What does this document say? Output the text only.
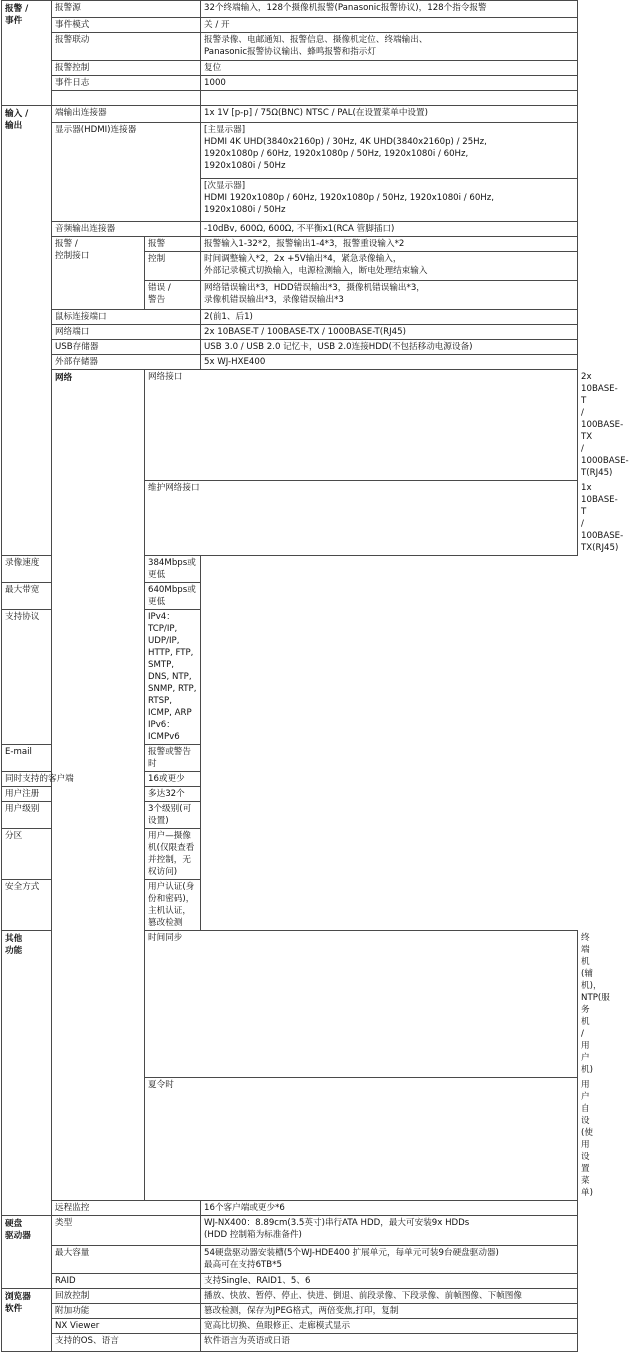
报警 /
事件	报警源		32个终端输入，128个摄像机报警(Panasonic报警协议)，128个指令报警	
	事件模式		关 / 开	
	报警联动		报警录像、电邮通知、报警信息、摄像机定位、终端输出、
Panasonic报警协议输出、蜂鸣报警和指示灯	
	报警控制		复位	
	事件日志		1000	

输入 /
输出	端输出连接器		1x 1V [p-p] / 75Ω(BNC) NTSC / PAL(在设置菜单中设置)	
	显示器(HDMI)连接器		[主显示器]
HDMI 4K UHD(3840x2160p) / 30Hz, 4K UHD(3840x2160p) / 25Hz,
1920x1080p / 60Hz, 1920x1080p / 50Hz, 1920x1080i / 60Hz,
1920x1080i / 50Hz	
			[次显示器]
HDMI 1920x1080p / 60Hz, 1920x1080p / 50Hz, 1920x1080i / 60Hz,
1920x1080i / 50Hz	
	音频输出连接器		-10dBv, 600Ω, 600Ω, 不平衡x1(RCA 管脚插口)	
	报警 /
控制接口	报警	报警输入1-32*2，报警输出1-4*3，报警重设输入*2	
		控制	时间调整输入*2，2x +5V输出*4，紧急录像输入，
外部记录模式切换输入，电源检测输入，断电处理结束输入	
		错误 /
警告	网络错误输出*3，HDD错误输出*3，摄像机错误输出*3，
录像机错误输出*3，录像错误输出*3	
	鼠标连接端口		2(前1、后1)	
	网络端口		2x 10BASE-T / 100BASE-TX / 1000BASE-T(RJ45)	
	USB存储器		USB 3.0 / USB 2.0 记忆卡，USB 2.0连接HDD(不包括移动电源设备)	
	外部存储器		5x WJ-HXE400	
	网络	网络接口		2x 10BASE-T / 100BASE-TX / 1000BASE-T(RJ45)
		维护网络接口		1x 10BASE-T / 100BASE-TX(RJ45)
录像速度		384Mbps或更低		
最大带宽		640Mbps或更低		
支持协议		IPv4：TCP/IP, UDP/IP, HTTP, FTP, SMTP, DNS, NTP,
SNMP, RTP, RTSP, ICMP, ARP
IPv6：ICMPv6		
E-mail		报警或警告时		
同时支持的客户端		16或更少		
用户注册		多达32个		
用户级别		3个级别(可设置)		
分区		用户—摄像机(仅限查看并控制，无权访问)		
安全方式		用户认证(身份和密码)，主机认证，篡改检测		
其他
功能		时间同步		终端机(辅机)，NTP(服务机 / 用户机)
		夏令时		用户自设(使用设置菜单)
	远程监控		16个客户端或更少*6	
硬盘
驱动器	类型		WJ-NX400：8.89cm(3.5英寸)串行ATA HDD，最大可安装9x HDDs
(HDD 控制箱为标准备件)	
	最大容量		54硬盘驱动器安装槽(5个WJ-HDE400 扩展单元，每单元可装9台硬盘驱动器)
最高可在支持6TB*5	
	RAID		支持Single、RAID1、5、6	
浏览器
软件	回放控制		播放、快放、暂停、停止、快进、倒退、前段录像、下段录像、前帧图像、下帧图像	
	附加功能		篡改检测，保存为JPEG格式，两倍变焦,打印，复制	
	NX Viewer		宽高比切换、鱼眼修正、走廊模式显示	
	支持的OS、语言		软件语言为英语或日语	
